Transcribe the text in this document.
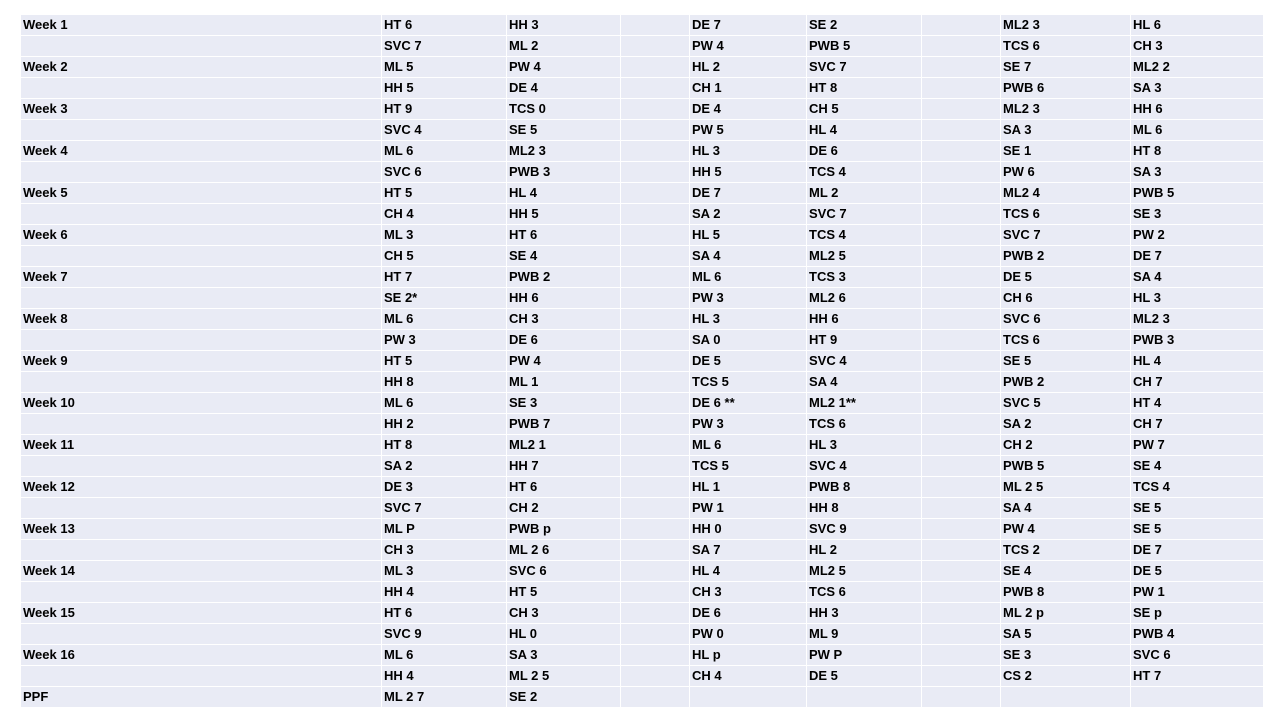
Week 1	HT 6	HH 3		DE 7	SE 2		ML2 3	HL 6
	SVC 7	ML 2		PW 4	PWB 5		TCS 6	CH 3
Week 2	ML 5	PW 4		HL 2	SVC 7		SE 7	ML2 2
	HH 5	DE 4		CH 1	HT 8		PWB 6	SA 3
Week 3	HT 9	TCS 0		DE 4	CH 5		ML2 3	HH 6
	SVC 4	SE 5		PW 5	HL 4		SA 3	ML 6
Week 4	ML 6	ML2 3		HL 3	DE 6		SE 1	HT 8
	SVC 6	PWB 3		HH 5	TCS 4		PW 6	SA 3
Week 5	HT 5	HL 4		DE 7	ML 2		ML2 4	PWB 5
	CH 4	HH 5		SA 2	SVC 7		TCS 6	SE 3
Week 6	ML 3	HT 6		HL 5	TCS 4		SVC 7	PW 2
	CH 5	SE 4		SA 4	ML2 5		PWB 2	DE 7
Week 7	HT 7	PWB 2		ML 6	TCS 3		DE 5	SA 4
	SE 2*	HH 6		PW 3	ML2 6		CH 6	HL 3
Week 8	ML 6	CH 3		HL 3	HH 6		SVC 6	ML2 3
	PW 3	DE 6		SA 0	HT 9		TCS 6	PWB 3
Week 9	HT 5	PW 4		DE 5	SVC 4		SE 5	HL 4
	HH 8	ML 1		TCS 5	SA 4		PWB 2	CH 7
Week 10	ML 6	SE 3		DE 6 **	ML2 1**		SVC 5	HT 4
	HH 2	PWB 7		PW 3	TCS 6		SA 2	CH 7
Week 11	HT 8	ML2 1		ML 6	HL 3		CH 2	PW 7
	SA 2	HH 7		TCS 5	SVC 4		PWB 5	SE 4
Week 12	DE 3	HT 6		HL 1	PWB 8		ML 2 5	TCS 4
	SVC 7	CH 2		PW 1	HH 8		SA 4	SE 5
Week 13	ML P	PWB p		HH 0	SVC 9		PW 4	SE 5
	CH 3	ML 2 6		SA 7	HL 2		TCS 2	DE 7
Week 14	ML 3	SVC 6		HL 4	ML2 5		SE 4	DE 5
	HH 4	HT 5		CH 3	TCS 6		PWB 8	PW 1
Week 15	HT 6	CH 3		DE 6	HH 3		ML 2 p	SE p
	SVC 9	HL 0		PW 0	ML 9		SA 5	PWB 4
Week 16	ML 6	SA 3		HL p	PW P		SE 3	SVC 6
	HH 4	ML 2 5		CH 4	DE 5		CS 2	HT 7
PPF	ML 2 7	SE 2						
